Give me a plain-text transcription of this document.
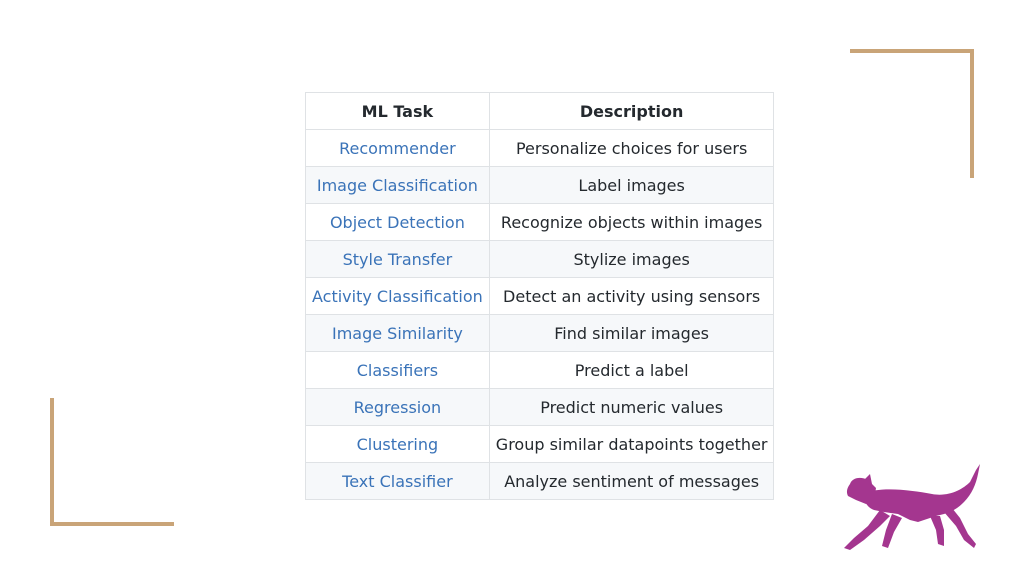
ML Task	Description
Recommender	Personalize choices for users
Image Classification	Label images
Object Detection	Recognize objects within images
Style Transfer	Stylize images
Activity Classification	Detect an activity using sensors
Image Similarity	Find similar images
Classifiers	Predict a label
Regression	Predict numeric values
Clustering	Group similar datapoints together
Text Classifier	Analyze sentiment of messages
